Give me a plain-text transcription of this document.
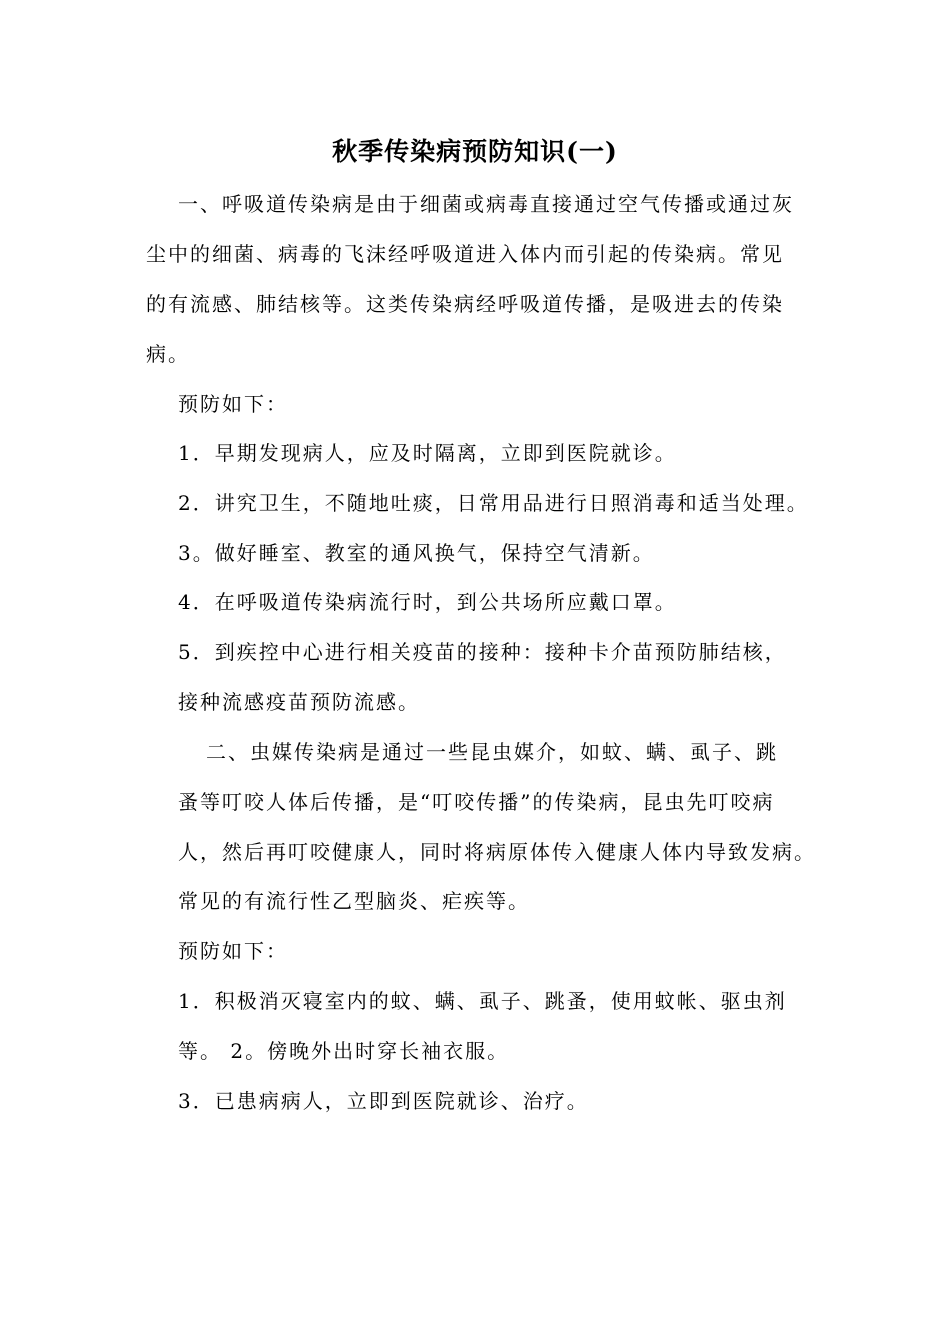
秋季传染病预防知识(一)
一、呼吸道传染病是由于细菌或病毒直接通过空气传播或通过灰
尘中的细菌、病毒的飞沫经呼吸道进入体内而引起的传染病。常见
的有流感、肺结核等。这类传染病经呼吸道传播，是吸进去的传染
病。
预防如下：
1．早期发现病人，应及时隔离，立即到医院就诊。
2．讲究卫生，不随地吐痰，日常用品进行日照消毒和适当处理。
3。做好睡室、教室的通风换气，保持空气清新。
4．在呼吸道传染病流行时，到公共场所应戴口罩。
5．到疾控中心进行相关疫苗的接种：接种卡介苗预防肺结核，
接种流感疫苗预防流感。
二、虫媒传染病是通过一些昆虫媒介，如蚊、螨、虱子、跳
蚤等叮咬人体后传播，是“叮咬传播”的传染病，昆虫先叮咬病
人，然后再叮咬健康人，同时将病原体传入健康人体内导致发病。
常见的有流行性乙型脑炎、疟疾等。
预防如下：
1．积极消灭寝室内的蚊、螨、虱子、跳蚤，使用蚊帐、驱虫剂
等。 2。傍晚外出时穿长袖衣服。
3．已患病病人，立即到医院就诊、治疗。
